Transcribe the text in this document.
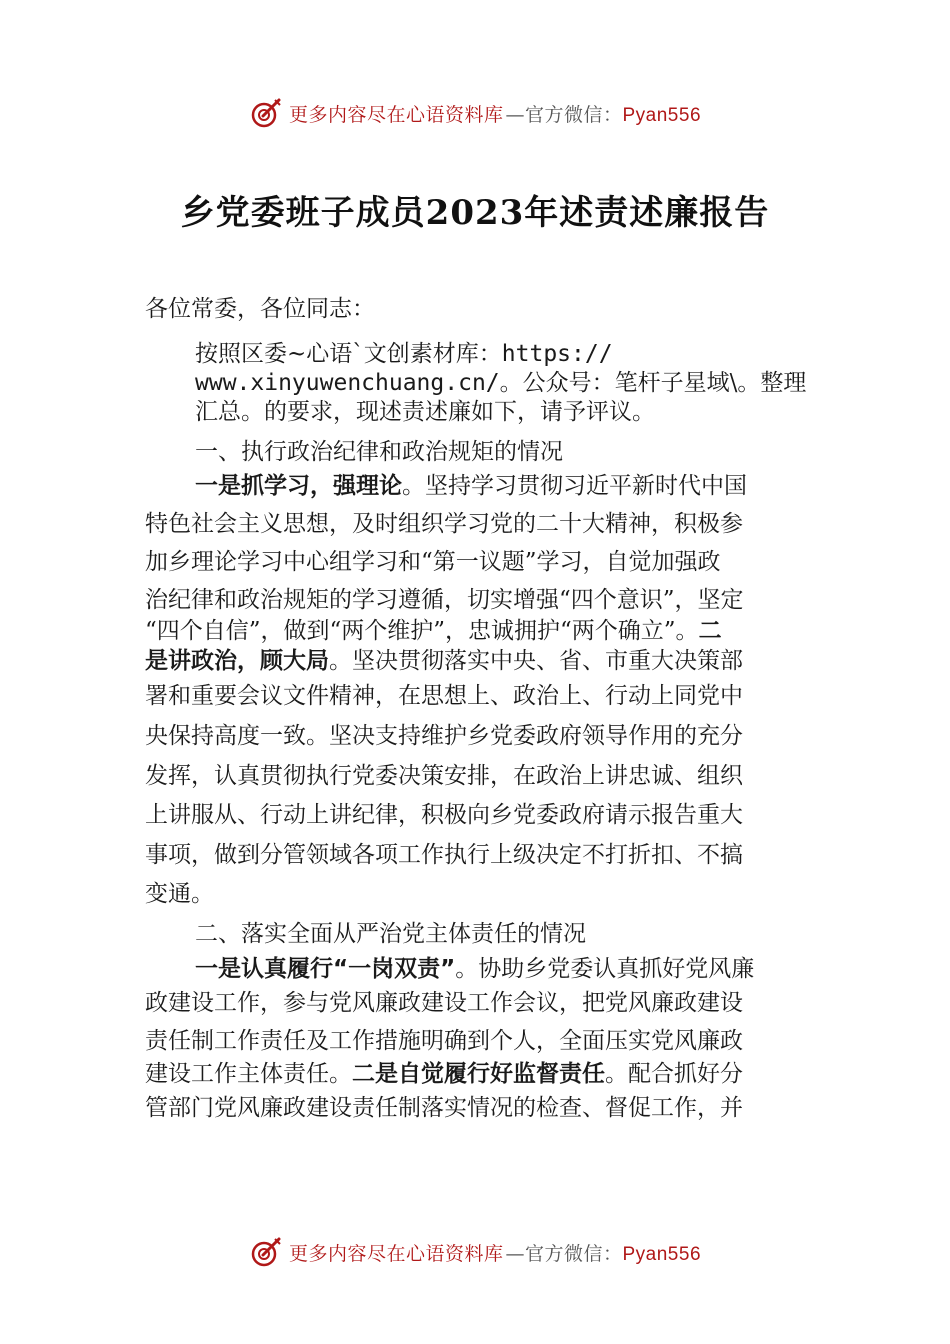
更多内容尽在心语资料库 —官方微信：Pyan556
乡党委班子成员2023年述责述廉报告
各位常委，各位同志：
按照区委~心语`文创素材库：https://
www.xinyuwenchuang.cn/。公众号：笔杆子星域\。整理
汇总。的要求，现述责述廉如下，请予评议。
一、执行政治纪律和政治规矩的情况
一是抓学习，强理论。坚持学习贯彻习近平新时代中国
特色社会主义思想，及时组织学习党的二十大精神，积极参
加乡理论学习中心组学习和“第一议题”学习，自觉加强政
治纪律和政治规矩的学习遵循，切实增强“四个意识”，坚定
“四个自信”，做到“两个维护”，忠诚拥护“两个确立”。二
是讲政治，顾大局。坚决贯彻落实中央、省、市重大决策部
署和重要会议文件精神，在思想上、政治上、行动上同党中
央保持高度一致。坚决支持维护乡党委政府领导作用的充分
发挥，认真贯彻执行党委决策安排，在政治上讲忠诚、组织
上讲服从、行动上讲纪律，积极向乡党委政府请示报告重大
事项，做到分管领域各项工作执行上级决定不打折扣、不搞
变通。
二、落实全面从严治党主体责任的情况
一是认真履行“一岗双责”。协助乡党委认真抓好党风廉
政建设工作，参与党风廉政建设工作会议，把党风廉政建设
责任制工作责任及工作措施明确到个人，全面压实党风廉政
建设工作主体责任。二是自觉履行好监督责任。配合抓好分
管部门党风廉政建设责任制落实情况的检查、督促工作，并
更多内容尽在心语资料库 —官方微信：Pyan556
